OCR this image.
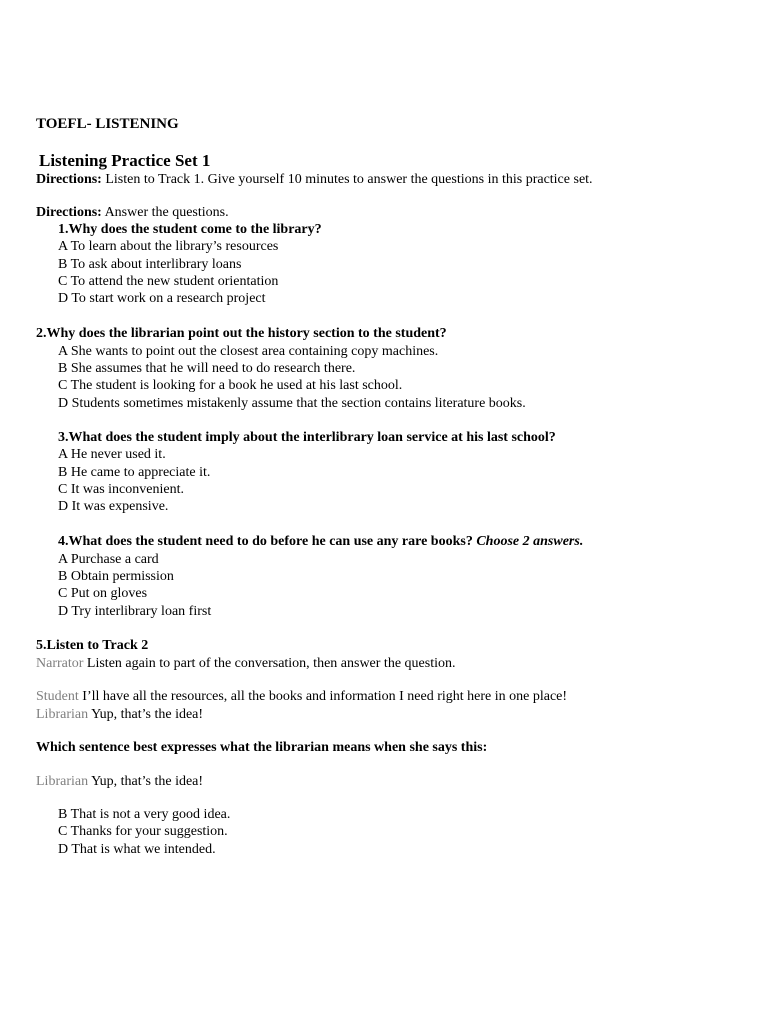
TOEFL- LISTENING
Listening Practice Set 1
Directions: Listen to Track 1. Give yourself 10 minutes to answer the questions in this practice set.
Directions: Answer the questions.
1.Why does the student come to the library?
A To learn about the library’s resources
B To ask about interlibrary loans
C To attend the new student orientation
D To start work on a research project
2.Why does the librarian point out the history section to the student?
A She wants to point out the closest area containing copy machines.
B She assumes that he will need to do research there.
C The student is looking for a book he used at his last school.
D Students sometimes mistakenly assume that the section contains literature books.
3.What does the student imply about the interlibrary loan service at his last school?
A He never used it.
B He came to appreciate it.
C It was inconvenient.
D It was expensive.
4.What does the student need to do before he can use any rare books? Choose 2 answers.
A Purchase a card
B Obtain permission
C Put on gloves
D Try interlibrary loan first
5.Listen to Track 2
Narrator Listen again to part of the conversation, then answer the question.
Student I’ll have all the resources, all the books and information I need right here in one place!
Librarian Yup, that’s the idea!
Which sentence best expresses what the librarian means when she says this:
Librarian Yup, that’s the idea!
B That is not a very good idea.
C Thanks for your suggestion.
D That is what we intended.
